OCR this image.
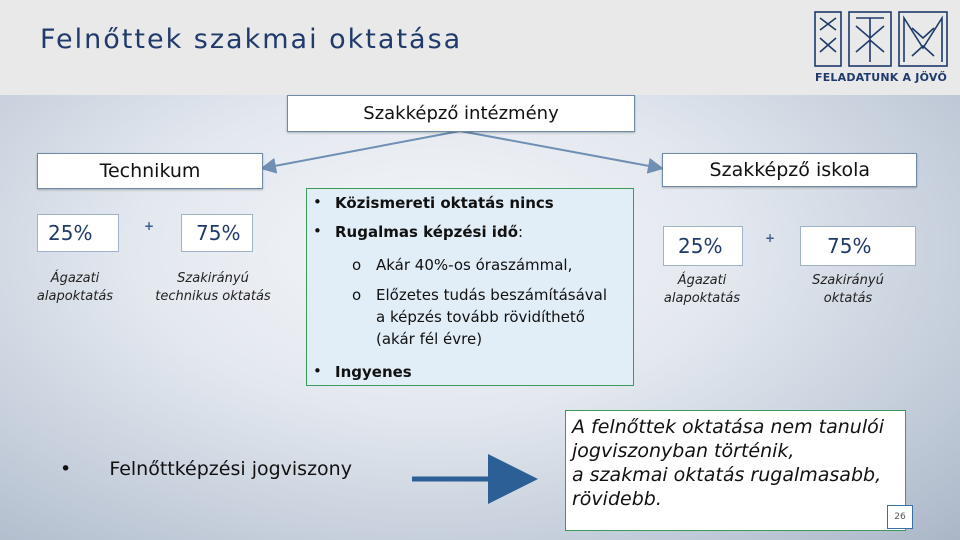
Felnőttek szakmai oktatása
FELADATUNK A JÖVŐ
Szakképző intézmény
Technikum	Szakképző iskola
25%	+	75%
Ágazati
alapoktatás
Szakirányú
technikus oktatás
25%	+	75%
Ágazati
alapoktatás
Szakirányú
oktatás
• Közismereti oktatás nincs
• Rugalmas képzési idő:
o Akár 40%-os óraszámmal,
o Előzetes tudás beszámításával
a képzés tovább rövidíthető
(akár fél évre)
• Ingyenes
• Felnőttképzési jogviszony
A felnőttek oktatása nem tanulói
jogviszonyban történik,
a szakmai oktatás rugalmasabb,
rövidebb.
26
